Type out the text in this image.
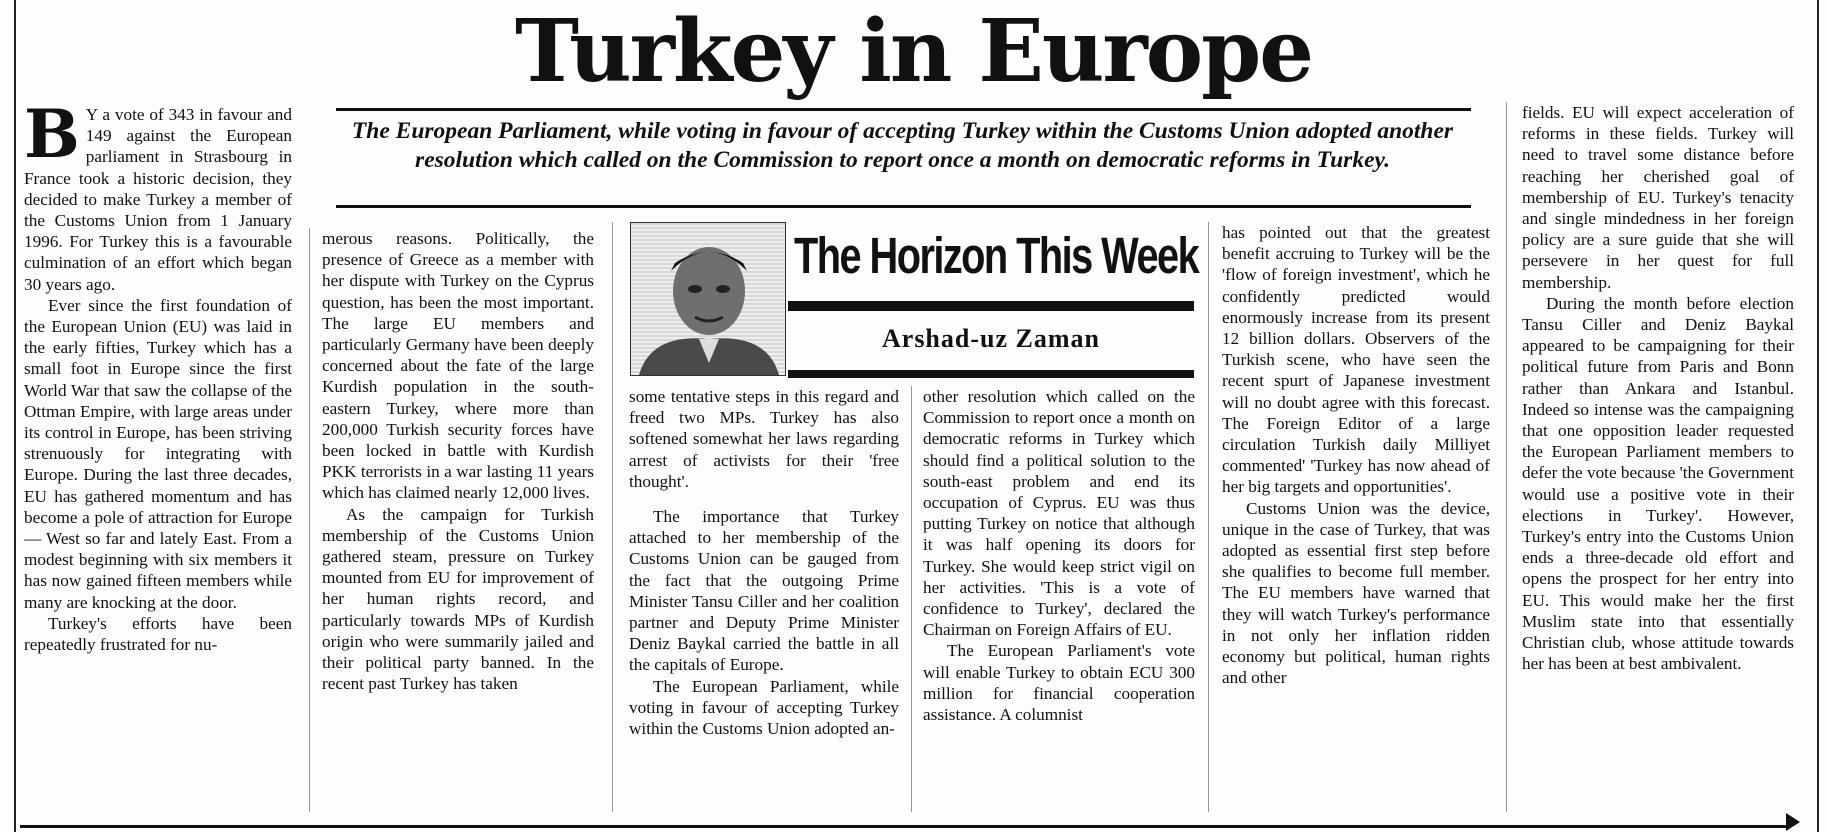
Turkey in Europe

The European Parliament, while voting in favour of accepting Turkey within the Customs Union adopted another resolution which called on the Commission to report once a month on democratic reforms in Turkey.

B Y a vote of 343 in favour and 149 against the European parliament in Strasbourg in France took a historic decision, they decided to make Turkey a member of the Customs Union from 1 January 1996. For Turkey this is a favourable culmination of an effort which began 30 years ago.

Ever since the first foundation of the European Union (EU) was laid in the early fifties, Turkey which has a small foot in Europe since the first World War that saw the collapse of the Ottman Empire, with large areas under its control in Europe, has been striving strenuously for integrating with Europe. During the last three decades, EU has gathered momentum and has become a pole of attraction for Europe — West so far and lately East. From a modest beginning with six members it has now gained fifteen members while many are knocking at the door.

Turkey's efforts have been repeatedly frustrated for nu-

merous reasons. Politically, the presence of Greece as a member with her dispute with Turkey on the Cyprus question, has been the most important. The large EU members and particularly Germany have been deeply concerned about the fate of the large Kurdish population in the south-eastern Turkey, where more than 200,000 Turkish security forces have been locked in battle with Kurdish PKK terrorists in a war lasting 11 years which has claimed nearly 12,000 lives.

As the campaign for Turkish membership of the Customs Union gathered steam, pressure on Turkey mounted from EU for improvement of her human rights record, and particularly towards MPs of Kurdish origin who were summarily jailed and their political party banned. In the recent past Turkey has taken

The Horizon This Week
Arshad-uz Zaman

some tentative steps in this regard and freed two MPs. Turkey has also softened somewhat her laws regarding arrest of activists for their 'free thought'.

The importance that Turkey attached to her membership of the Customs Union can be gauged from the fact that the outgoing Prime Minister Tansu Ciller and her coalition partner and Deputy Prime Minister Deniz Baykal carried the battle in all the capitals of Europe.

The European Parliament, while voting in favour of accepting Turkey within the Customs Union adopted an-

other resolution which called on the Commission to report once a month on democratic reforms in Turkey which should find a political solution to the south-east problem and end its occupation of Cyprus. EU was thus putting Turkey on notice that although it was half opening its doors for Turkey. She would keep strict vigil on her activities. 'This is a vote of confidence to Turkey', declared the Chairman on Foreign Affairs of EU.

The European Parliament's vote will enable Turkey to obtain ECU 300 million for financial cooperation assistance. A columnist

has pointed out that the greatest benefit accruing to Turkey will be the 'flow of foreign investment', which he confidently predicted would enormously increase from its present 12 billion dollars. Observers of the Turkish scene, who have seen the recent spurt of Japanese investment will no doubt agree with this forecast. The Foreign Editor of a large circulation Turkish daily Milliyet commented' 'Turkey has now ahead of her big targets and opportunities'.

Customs Union was the device, unique in the case of Turkey, that was adopted as essential first step before she qualifies to become full member. The EU members have warned that they will watch Turkey's performance in not only her inflation ridden economy but political, human rights and other

fields. EU will expect acceleration of reforms in these fields. Turkey will need to travel some distance before reaching her cherished goal of membership of EU. Turkey's tenacity and single mindedness in her foreign policy are a sure guide that she will persevere in her quest for full membership.

During the month before election Tansu Ciller and Deniz Baykal appeared to be campaigning for their political future from Paris and Bonn rather than Ankara and Istanbul. Indeed so intense was the campaigning that one opposition leader requested the European Parliament members to defer the vote because 'the Government would use a positive vote in their elections in Turkey'. However, Turkey's entry into the Customs Union ends a three-decade old effort and opens the prospect for her entry into EU. This would make her the first Muslim state into that essentially Christian club, whose attitude towards her has been at best ambivalent.
